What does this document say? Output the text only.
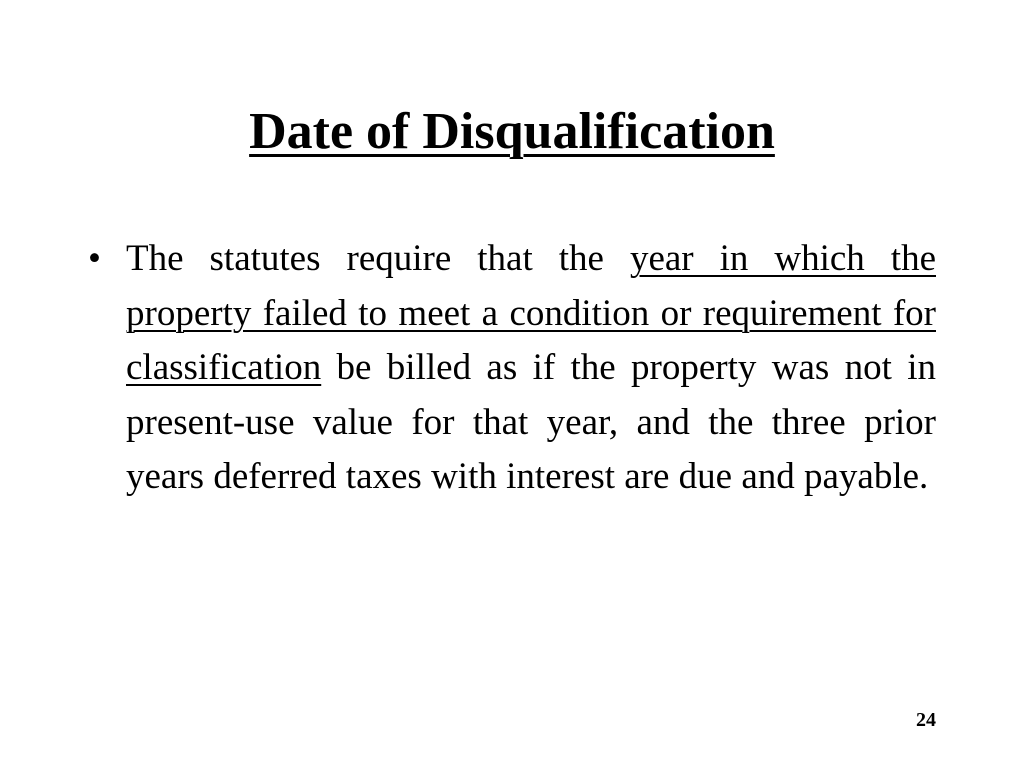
Date of Disqualification
• The statutes require that the year in which the property failed to meet a condition or requirement for classification be billed as if the property was not in present-use value for that year, and the three prior years deferred taxes with interest are due and payable.
24
